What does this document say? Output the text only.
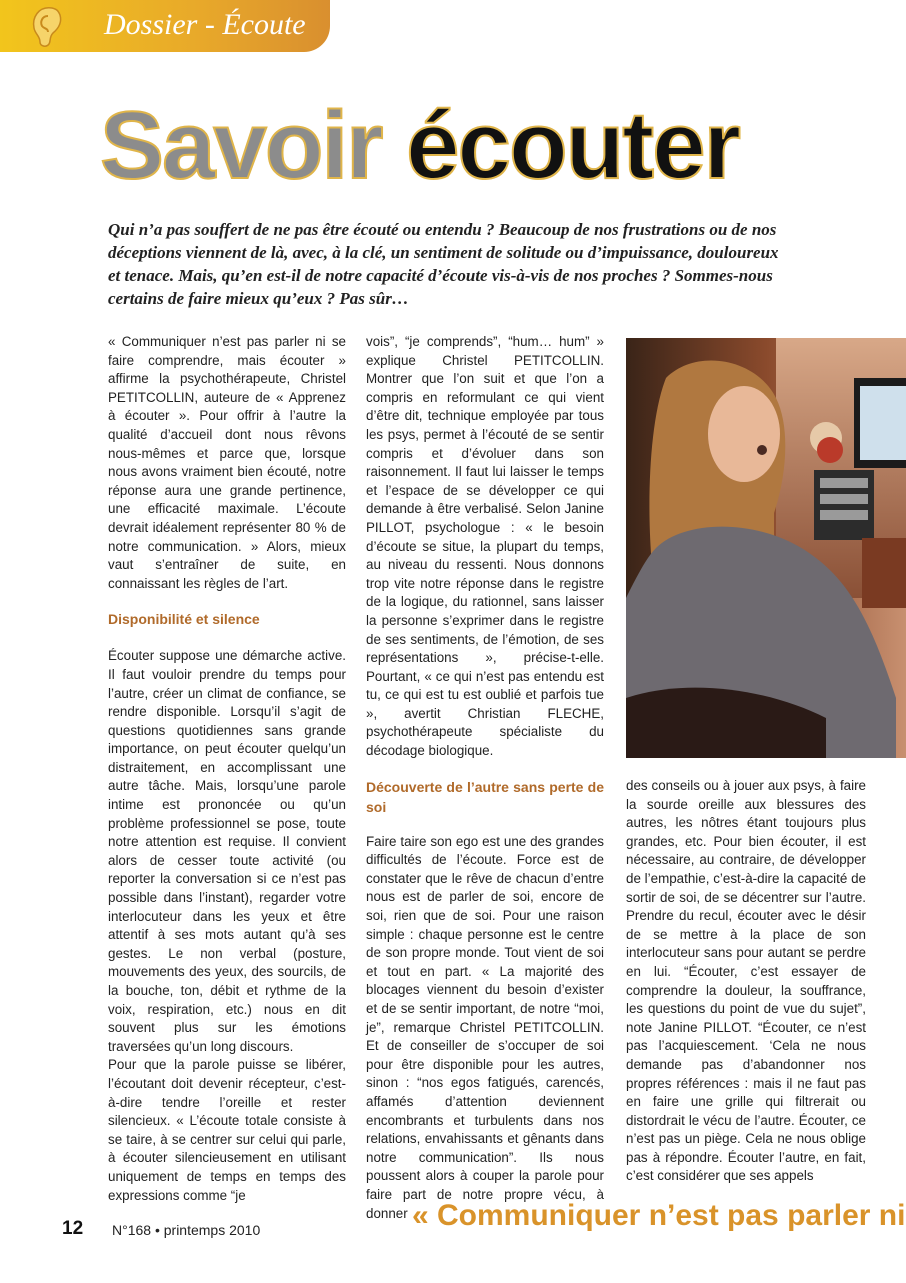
Dossier - Écoute
Savoir écouter
Qui n’a pas souffert de ne pas être écouté ou entendu ? Beaucoup de nos frustrations ou de nos déceptions viennent de là, avec, à la clé, un sentiment de solitude ou d’impuissance, douloureux et tenace. Mais, qu’en est-il de notre capacité d’écoute vis-à-vis de nos proches ? Sommes-nous certains de faire mieux qu’eux ? Pas sûr…

« Communiquer n’est pas parler ni se faire comprendre, mais écouter » affirme la psychothérapeute, Christel PETITCOLLIN, auteure de « Apprenez à écouter ». Pour offrir à l’autre la qualité d’accueil dont nous rêvons nous-mêmes et parce que, lorsque nous avons vraiment bien écouté, notre réponse aura une grande pertinence, une efficacité maximale. L’écoute devrait idéalement représenter 80 % de notre communication. » Alors, mieux vaut s’entraîner de suite, en connaissant les règles de l’art.

Disponibilité et silence

Écouter suppose une démarche active. Il faut vouloir prendre du temps pour l’autre, créer un climat de confiance, se rendre disponible. Lorsqu’il s’agit de questions quotidiennes sans grande importance, on peut écouter quelqu’un distraitement, en accomplissant une autre tâche. Mais, lorsqu’une parole intime est prononcée ou qu’un problème professionnel se pose, toute notre attention est requise. Il convient alors de cesser toute activité (ou reporter la conversation si ce n’est pas possible dans l’instant), regarder votre interlocuteur dans les yeux et être attentif à ses mots autant qu’à ses gestes. Le non verbal (posture, mouvements des yeux, des sourcils, de la bouche, ton, débit et rythme de la voix, respiration, etc.) nous en dit souvent plus sur les émotions traversées qu’un long discours.

Pour que la parole puisse se libérer, l’écoutant doit devenir récepteur, c’est-à-dire tendre l’oreille et rester silencieux. « L’écoute totale consiste à se taire, à se centrer sur celui qui parle, à écouter silencieusement en utilisant uniquement de temps en temps des expressions comme “je

vois”, “je comprends”, “hum… hum” » explique Christel PETITCOLLIN. Montrer que l’on suit et que l’on a compris en reformulant ce qui vient d’être dit, technique employée par tous les psys, permet à l’écouté de se sentir compris et d’évoluer dans son raisonnement. Il faut lui laisser le temps et l’espace de se développer ce qui demande à être verbalisé. Selon Janine PILLOT, psychologue : « le besoin d’écoute se situe, la plupart du temps, au niveau du ressenti. Nous donnons trop vite notre réponse dans le registre de la logique, du rationnel, sans laisser la personne s’exprimer dans le registre de ses sentiments, de l’émotion, de ses représentations », précise-t-elle. Pourtant, « ce qui n’est pas entendu est tu, ce qui est tu est oublié et parfois tue », avertit Christian FLECHE, psychothérapeute spécialiste du décodage biologique.

Découverte de l’autre sans perte de soi

Faire taire son ego est une des grandes difficultés de l’écoute. Force est de constater que le rêve de chacun d’entre nous est de parler de soi, encore de soi, rien que de soi. Pour une raison simple : chaque personne est le centre de son propre monde. Tout vient de soi et tout en part. « La majorité des blocages viennent du besoin d’exister et de se sentir important, de notre “moi, je”, remarque Christel PETITCOLLIN. Et de conseiller de s’occuper de soi pour être disponible pour les autres, sinon : “nos egos fatigués, carencés, affamés d’attention deviennent encombrants et turbulents dans nos relations, envahissants et gênants dans notre communication”. Ils nous poussent alors à couper la parole pour faire part de notre propre vécu, à donner

des conseils ou à jouer aux psys, à faire la sourde oreille aux blessures des autres, les nôtres étant toujours plus grandes, etc. Pour bien écouter, il est nécessaire, au contraire, de développer de l’empathie, c’est-à-dire la capacité de sortir de soi, de se décentrer sur l’autre. Prendre du recul, écouter avec le désir de se mettre à la place de son interlocuteur sans pour autant se perdre en lui. “Écouter, c’est essayer de comprendre la douleur, la souffrance, les questions du point de vue du sujet”, note Janine PILLOT. “Écouter, ce n’est pas l’acquiescement. ‘Cela ne nous demande pas d’abandonner nos propres références : mais il ne faut pas en faire une grille qui filtrerait ou distordrait le vécu de l’autre. Écouter, ce n’est pas un piège. Cela ne nous oblige pas à répondre. Écouter l’autre, en fait, c’est considérer que ses appels

12 N°168 • printemps 2010	« Communiquer n’est pas parler ni
